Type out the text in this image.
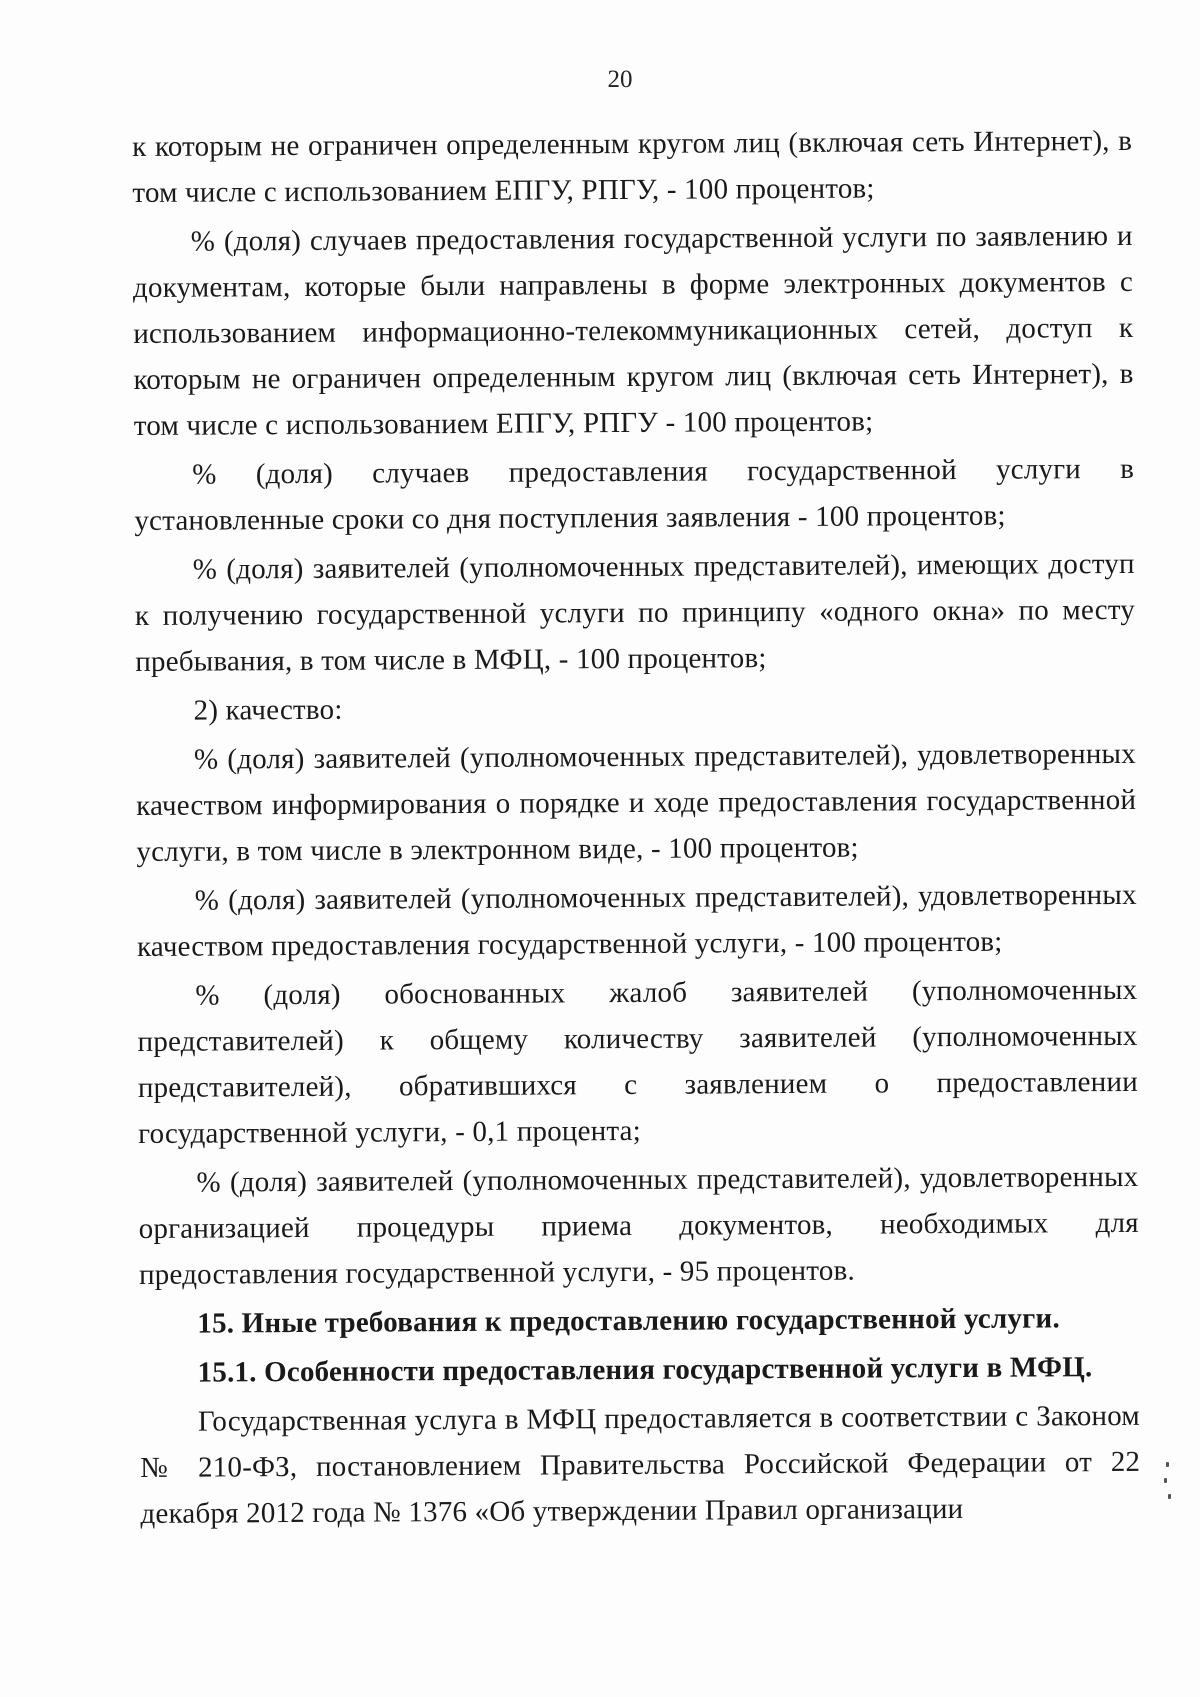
20

к которым не ограничен определенным кругом лиц (включая сеть Интернет), в том числе с использованием ЕПГУ, РПГУ, - 100 процентов;

% (доля) случаев предоставления государственной услуги по заявлению и документам, которые были направлены в форме электронных документов с использованием информационно-телекоммуникационных сетей, доступ к которым не ограничен определенным кругом лиц (включая сеть Интернет), в том числе с использованием ЕПГУ, РПГУ - 100 процентов;

% (доля) случаев предоставления государственной услуги в установленные сроки со дня поступления заявления - 100 процентов;

% (доля) заявителей (уполномоченных представителей), имеющих доступ к получению государственной услуги по принципу «одного окна» по месту пребывания, в том числе в МФЦ, - 100 процентов;

2) качество:

% (доля) заявителей (уполномоченных представителей), удовлетворенных качеством информирования о порядке и ходе предоставления государственной услуги, в том числе в электронном виде, - 100 процентов;

% (доля) заявителей (уполномоченных представителей), удовлетворенных качеством предоставления государственной услуги, - 100 процентов;

% (доля) обоснованных жалоб заявителей (уполномоченных представителей) к общему количеству заявителей (уполномоченных представителей), обратившихся с заявлением о предоставлении государственной услуги, - 0,1 процента;

% (доля) заявителей (уполномоченных представителей), удовлетворенных организацией процедуры приема документов, необходимых для предоставления государственной услуги, - 95 процентов.

15. Иные требования к предоставлению государственной услуги.

15.1. Особенности предоставления государственной услуги в МФЦ.

Государственная услуга в МФЦ предоставляется в соответствии с Законом № 210-ФЗ, постановлением Правительства Российской Федерации от 22 декабря 2012 года № 1376 «Об утверждении Правил организации
